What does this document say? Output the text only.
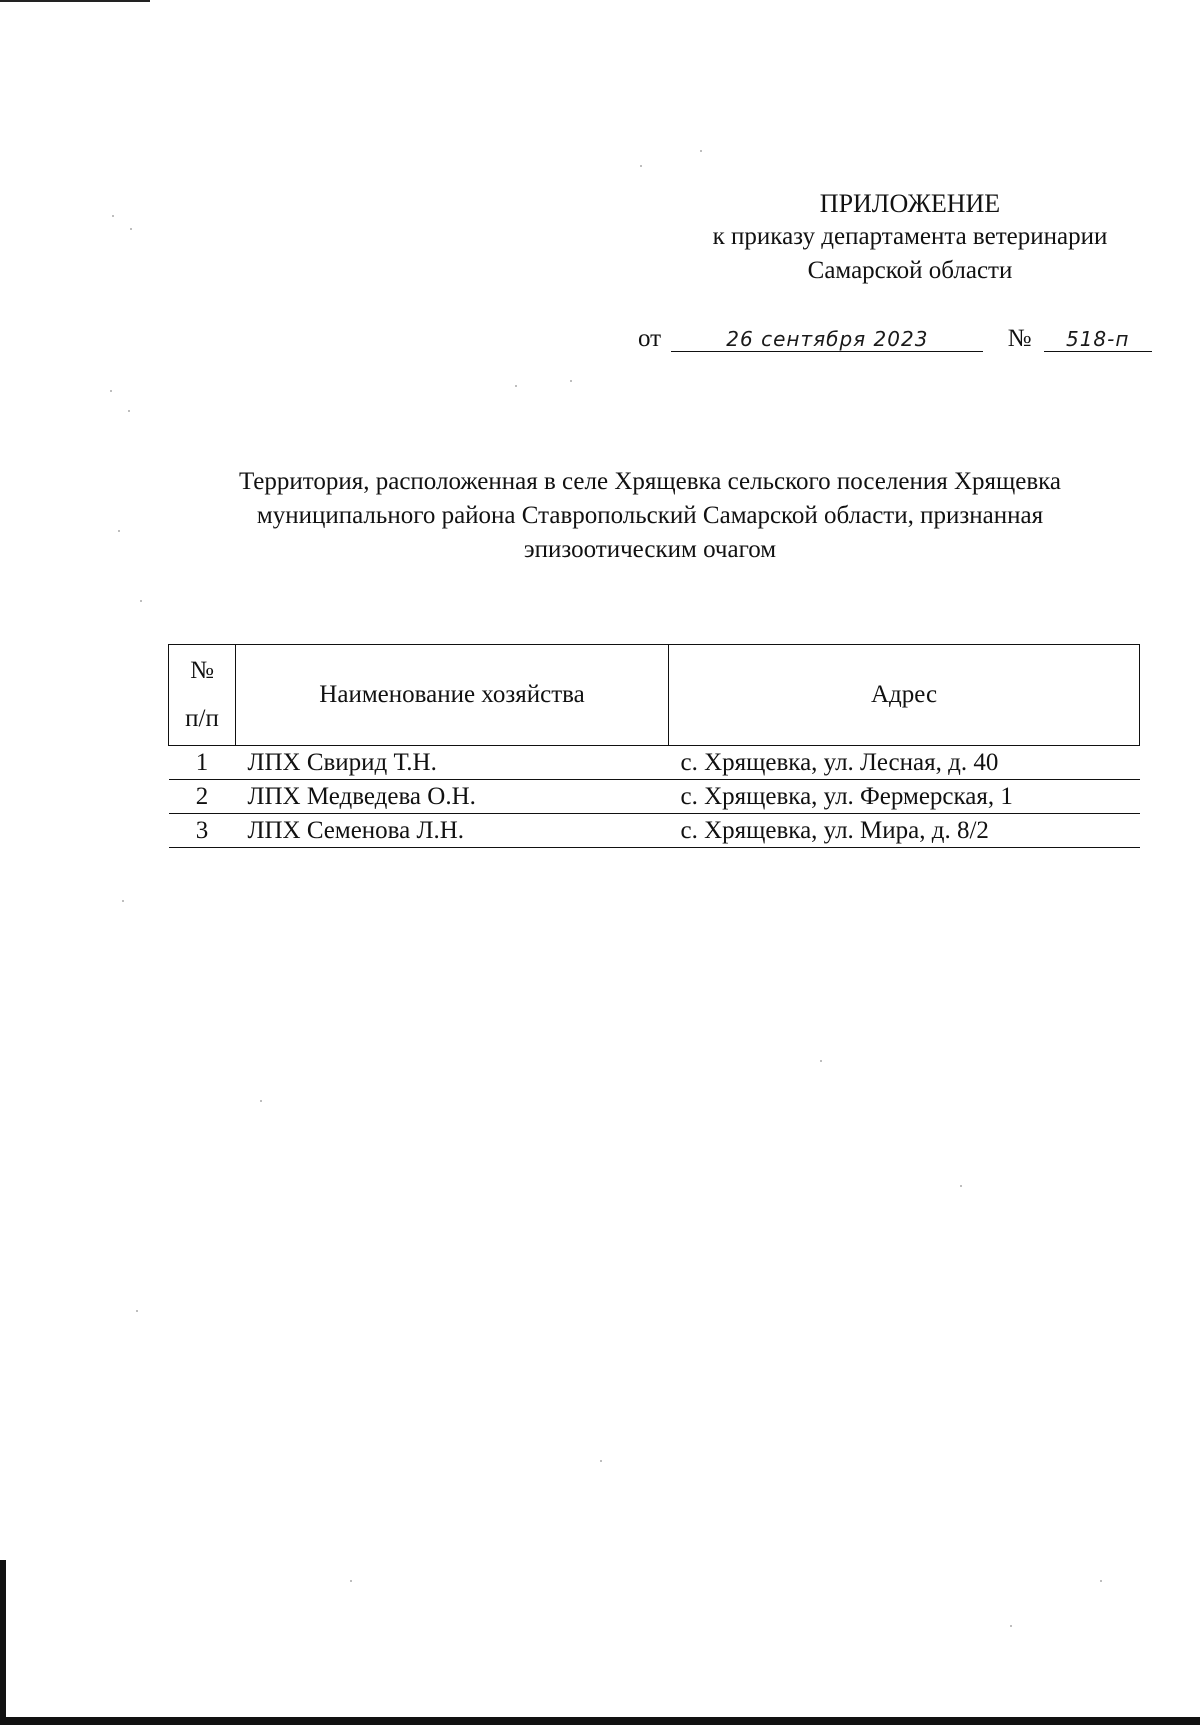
ПРИЛОЖЕНИЕ
к приказу департамента ветеринарии
Самарской области
от	26 сентября 2023	№ 518-п
Территория, расположенная в селе Хрящевка сельского поселения Хрящевка муниципального района Ставропольский Самарской области, признанная эпизоотическим очагом
№
п/п	Наименование хозяйства	Адрес
1	ЛПХ Свирид Т.Н.	с. Хрящевка, ул. Лесная, д. 40
2	ЛПХ Медведева О.Н.	с. Хрящевка, ул. Фермерская, 1
3	ЛПХ Семенова Л.Н.	с. Хрящевка, ул. Мира, д. 8/2
